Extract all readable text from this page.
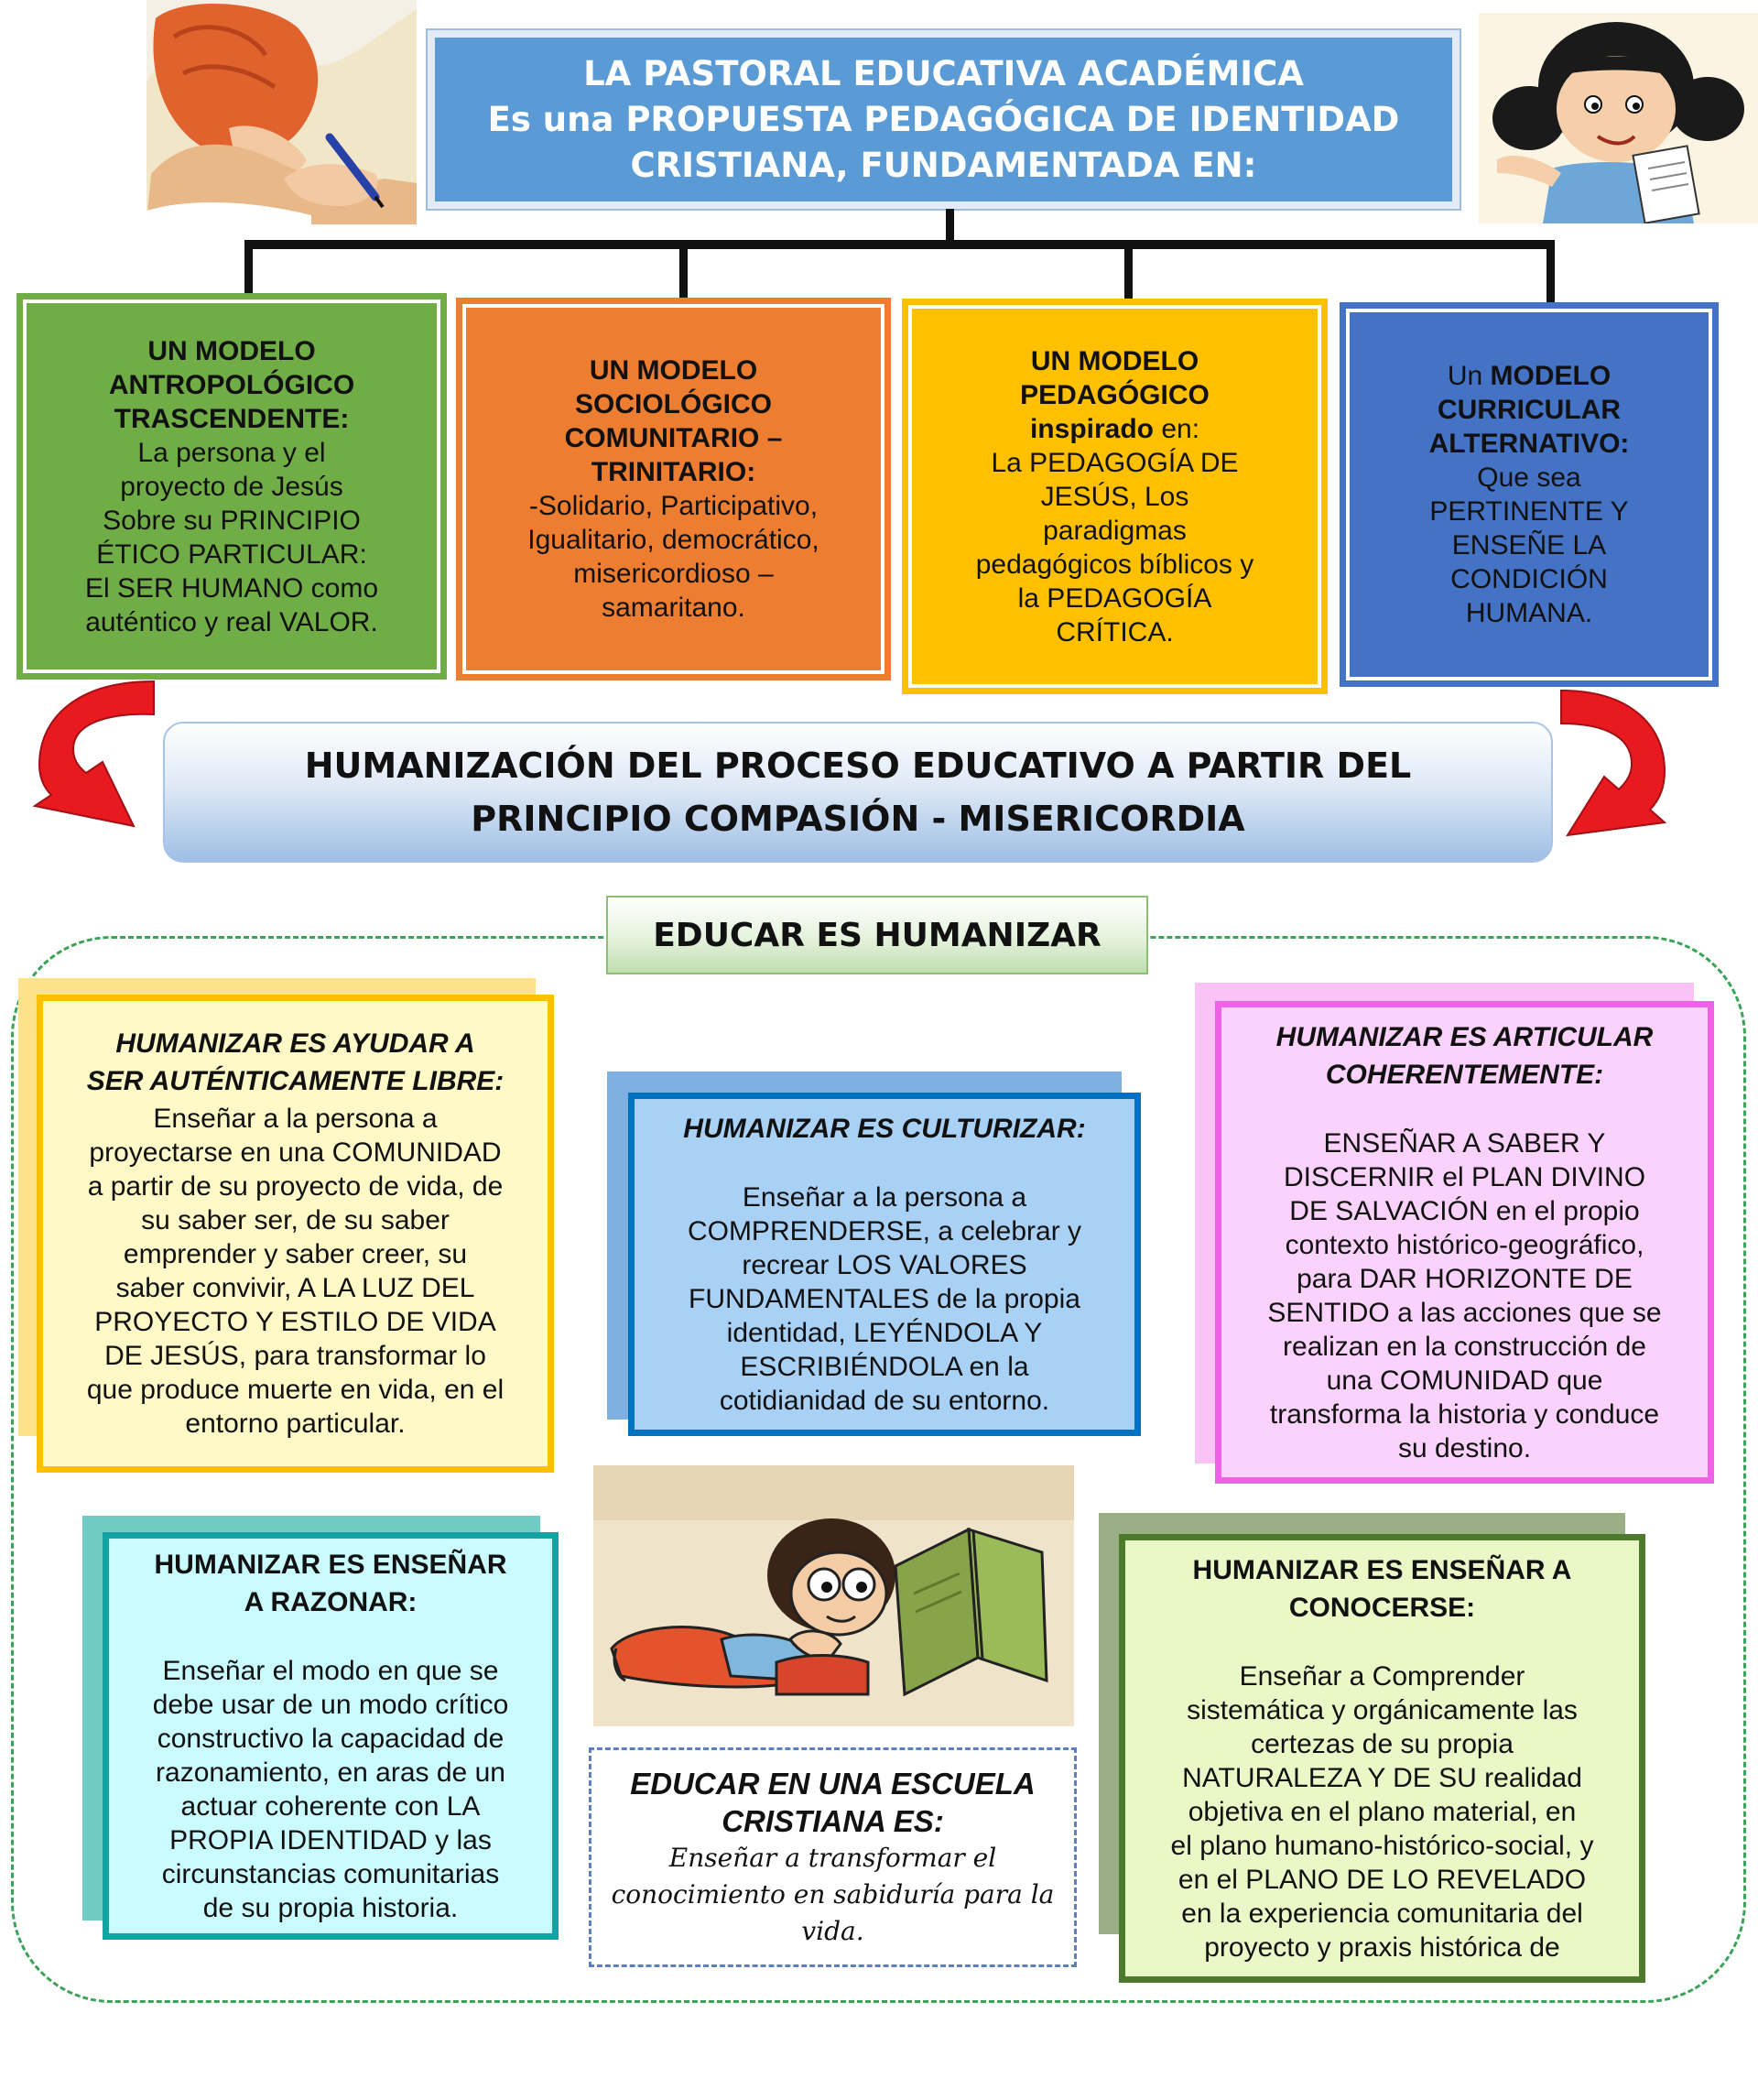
LA PASTORAL EDUCATIVA ACADÉMICA
Es una PROPUESTA PEDAGÓGICA DE IDENTIDAD
CRISTIANA, FUNDAMENTADA EN:
UN MODELO
ANTROPOLÓGICO
TRASCENDENTE:
La persona y el
proyecto de Jesús
Sobre su PRINCIPIO
ÉTICO PARTICULAR:
El SER HUMANO como
auténtico y real VALOR.
UN MODELO
SOCIOLÓGICO
COMUNITARIO –
TRINITARIO:
-Solidario, Participativo,
Igualitario, democrático,
misericordioso –
samaritano.
UN MODELO
PEDAGÓGICO
inspirado en:
La PEDAGOGÍA DE
JESÚS, Los
paradigmas
pedagógicos bíblicos y
la PEDAGOGÍA
CRÍTICA.
Un MODELO
CURRICULAR
ALTERNATIVO:
Que sea
PERTINENTE Y
ENSEÑE LA
CONDICIÓN
HUMANA.
HUMANIZACIÓN DEL PROCESO EDUCATIVO A PARTIR DEL
PRINCIPIO COMPASIÓN - MISERICORDIA
EDUCAR ES HUMANIZAR
HUMANIZAR ES AYUDAR A
SER AUTÉNTICAMENTE LIBRE:
Enseñar a la persona a
proyectarse en una COMUNIDAD
a partir de su proyecto de vida, de
su saber ser, de su saber
emprender y saber creer, su
saber convivir, A LA LUZ DEL
PROYECTO Y ESTILO DE VIDA
DE JESÚS, para transformar lo
que produce muerte en vida, en el
entorno particular.
HUMANIZAR ES CULTURIZAR:
Enseñar a la persona a
COMPRENDERSE, a celebrar y
recrear LOS VALORES
FUNDAMENTALES de la propia
identidad, LEYÉNDOLA Y
ESCRIBIÉNDOLA en la
cotidianidad de su entorno.
HUMANIZAR ES ARTICULAR
COHERENTEMENTE:
ENSEÑAR A SABER Y
DISCERNIR el PLAN DIVINO
DE SALVACIÓN en el propio
contexto histórico-geográfico,
para DAR HORIZONTE DE
SENTIDO a las acciones que se
realizan en la construcción de
una COMUNIDAD que
transforma la historia y conduce
su destino.
HUMANIZAR ES ENSEÑAR
A RAZONAR:
Enseñar el modo en que se
debe usar de un modo crítico
constructivo la capacidad de
razonamiento, en aras de un
actuar coherente con LA
PROPIA IDENTIDAD y las
circunstancias comunitarias
de su propia historia.
EDUCAR EN UNA ESCUELA
CRISTIANA ES:
Enseñar a transformar el
conocimiento en sabiduría para la
vida.
HUMANIZAR ES ENSEÑAR A
CONOCERSE:
Enseñar a Comprender
sistemática y orgánicamente las
certezas de su propia
NATURALEZA Y DE SU realidad
objetiva en el plano material, en
el plano humano-histórico-social, y
en el PLANO DE LO REVELADO
en la experiencia comunitaria del
proyecto y praxis histórica de
